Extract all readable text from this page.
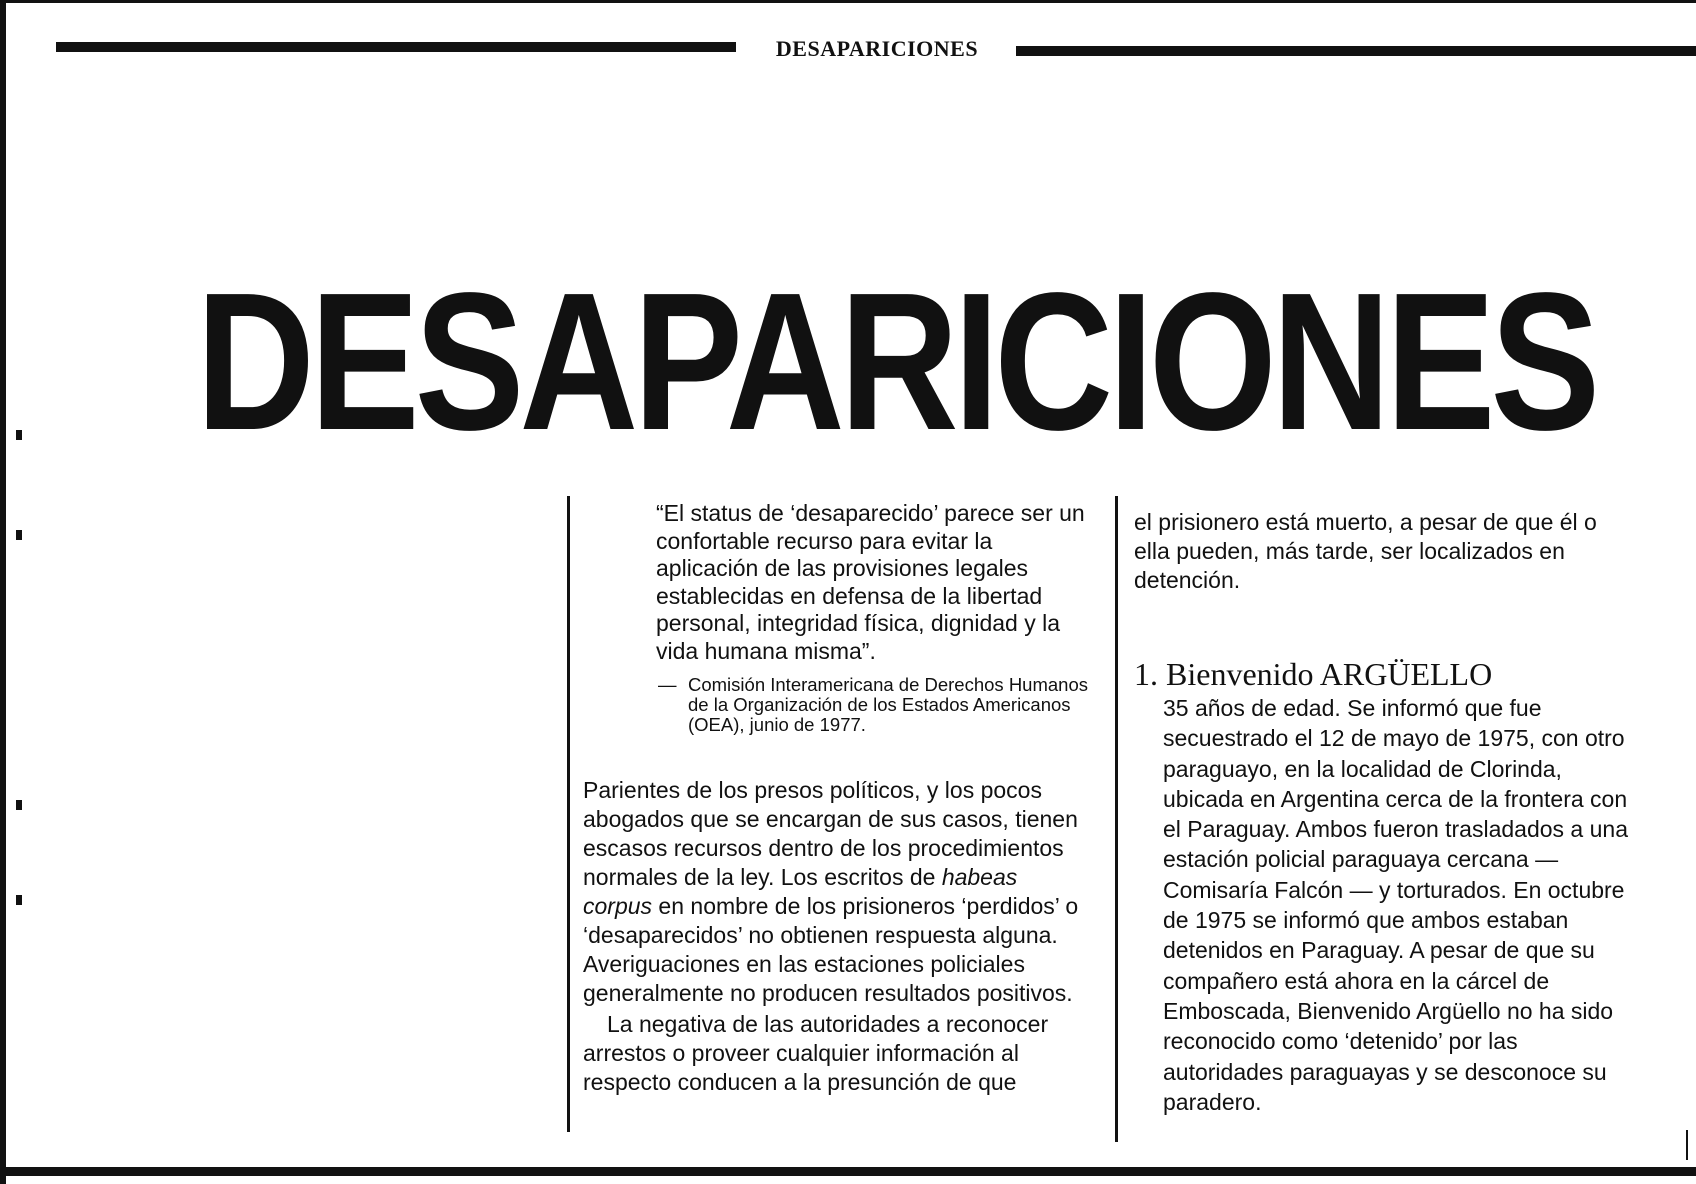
DESAPARICIONES
DESAPARICIONES

“El status de ‘desaparecido’ parece ser un confortable recurso para evitar la aplicación de las provisiones legales establecidas en defensa de la libertad personal, integridad física, dignidad y la vida humana misma”.

— Comisión Interamericana de Derechos Humanos de la Organización de los Estados Americanos (OEA), junio de 1977.

Parientes de los presos políticos, y los pocos abogados que se encargan de sus casos, tienen escasos recursos dentro de los procedimientos normales de la ley. Los escritos de habeas corpus en nombre de los prisioneros ‘perdidos’ o ‘desaparecidos’ no obtienen respuesta alguna. Averiguaciones en las estaciones policiales generalmente no producen resultados positivos.

La negativa de las autoridades a reconocer arrestos o proveer cualquier información al respecto conducen a la presunción de que

el prisionero está muerto, a pesar de que él o ella pueden, más tarde, ser localizados en detención.

1. Bienvenido ARGÜELLO

35 años de edad. Se informó que fue secuestrado el 12 de mayo de 1975, con otro paraguayo, en la localidad de Clorinda, ubicada en Argentina cerca de la frontera con el Paraguay. Ambos fueron trasladados a una estación policial paraguaya cercana — Comisaría Falcón — y torturados. En octubre de 1975 se informó que ambos estaban detenidos en Paraguay. A pesar de que su compañero está ahora en la cárcel de Emboscada, Bienvenido Argüello no ha sido reconocido como ‘detenido’ por las autoridades paraguayas y se desconoce su paradero.
